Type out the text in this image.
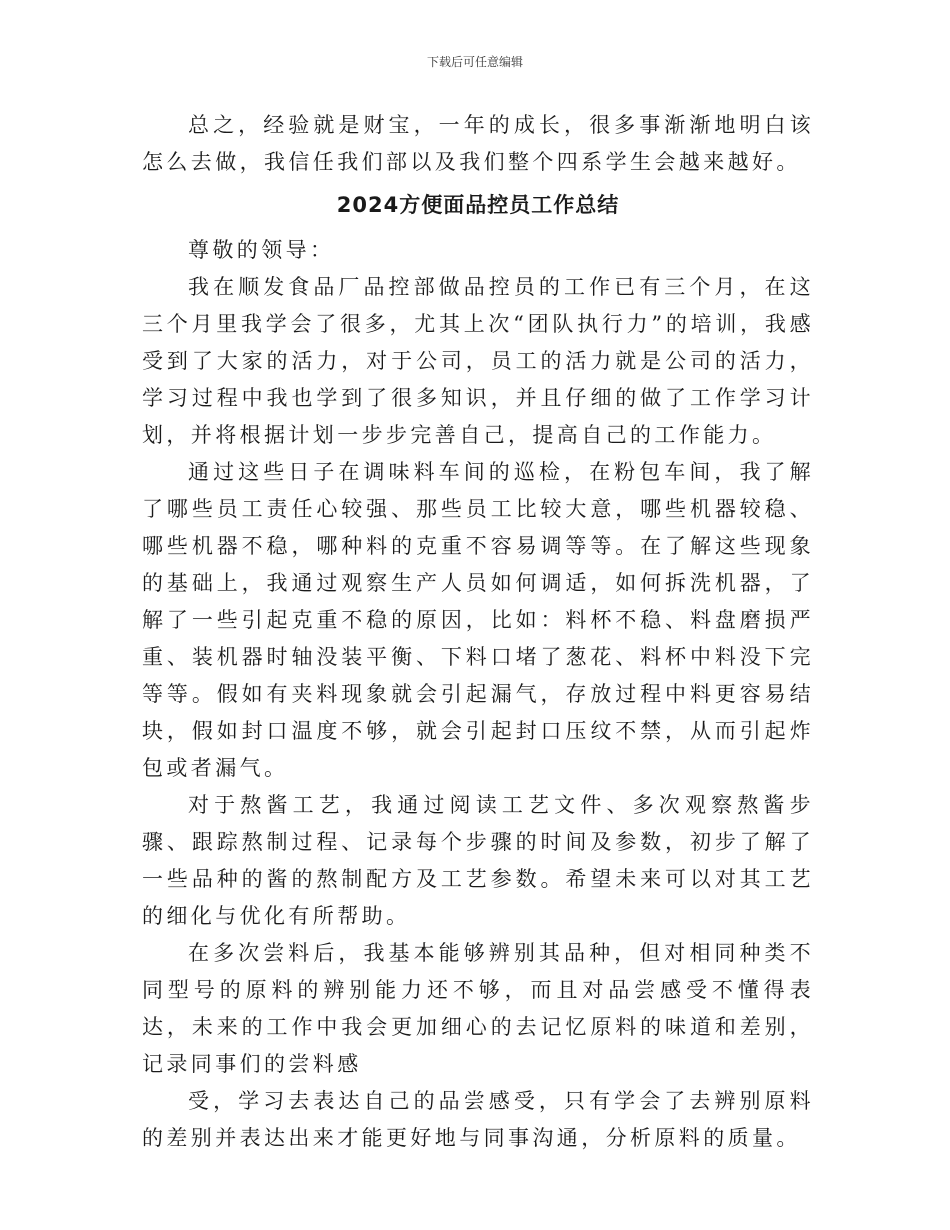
下载后可任意编辑

总之，经验就是财宝，一年的成长，很多事渐渐地明白该怎么去做，我信任我们部以及我们整个四系学生会越来越好。

2024方便面品控员工作总结

尊敬的领导：

我在顺发食品厂品控部做品控员的工作已有三个月，在这三个月里我学会了很多，尤其上次“团队执行力”的培训，我感受到了大家的活力，对于公司，员工的活力就是公司的活力，学习过程中我也学到了很多知识，并且仔细的做了工作学习计划，并将根据计划一步步完善自己，提高自己的工作能力。

通过这些日子在调味料车间的巡检，在粉包车间，我了解了哪些员工责任心较强、那些员工比较大意，哪些机器较稳、哪些机器不稳，哪种料的克重不容易调等等。在了解这些现象的基础上，我通过观察生产人员如何调适，如何拆洗机器，了解了一些引起克重不稳的原因，比如：料杯不稳、料盘磨损严重、装机器时轴没装平衡、下料口堵了葱花、料杯中料没下完等等。假如有夹料现象就会引起漏气，存放过程中料更容易结块，假如封口温度不够，就会引起封口压纹不禁，从而引起炸包或者漏气。

对于熬酱工艺，我通过阅读工艺文件、多次观察熬酱步骤、跟踪熬制过程、记录每个步骤的时间及参数，初步了解了一些品种的酱的熬制配方及工艺参数。希望未来可以对其工艺的细化与优化有所帮助。

在多次尝料后，我基本能够辨别其品种，但对相同种类不同型号的原料的辨别能力还不够，而且对品尝感受不懂得表达，未来的工作中我会更加细心的去记忆原料的味道和差别，记录同事们的尝料感

受，学习去表达自己的品尝感受，只有学会了去辨别原料的差别并表达出来才能更好地与同事沟通，分析原料的质量。
